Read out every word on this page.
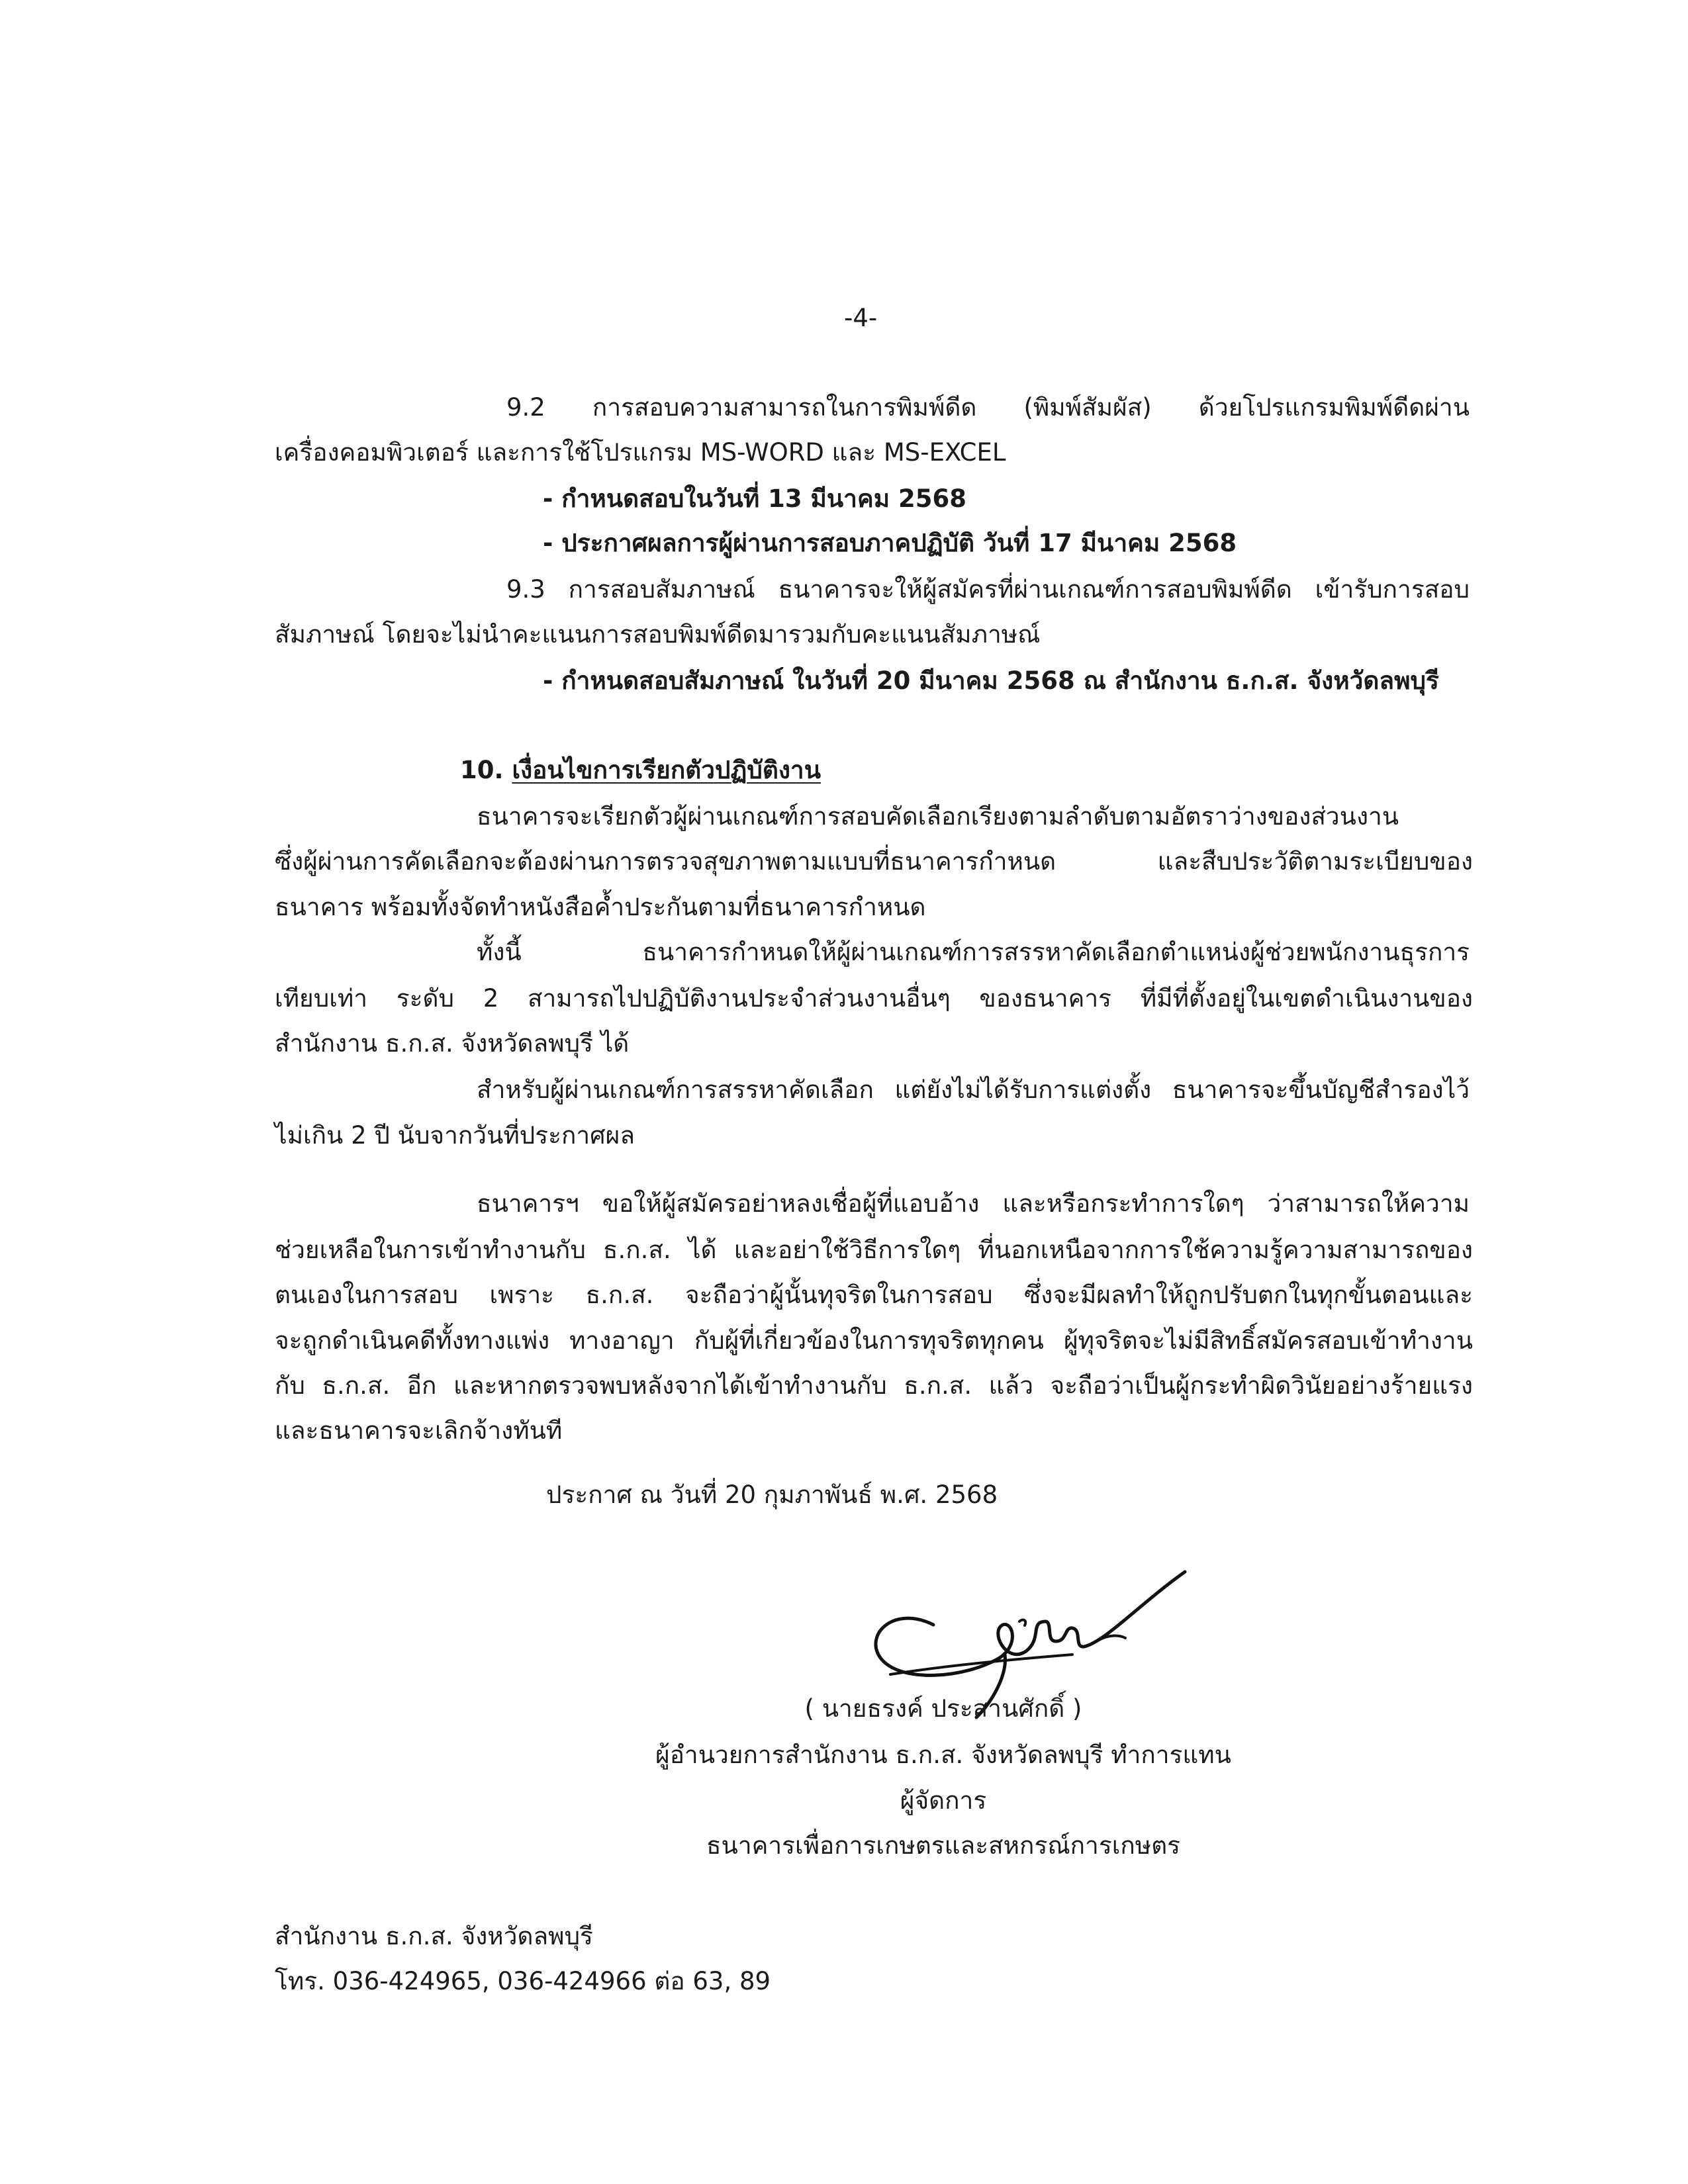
-4-
9.2 การสอบความสามารถในการพิมพ์ดีด (พิมพ์สัมผัส) ด้วยโปรแกรมพิมพ์ดีดผ่าน
เครื่องคอมพิวเตอร์ และการใช้โปรแกรม MS-WORD และ MS-EXCEL
- กำหนดสอบในวันที่ 13 มีนาคม 2568
- ประกาศผลการผู้ผ่านการสอบภาคปฏิบัติ วันที่ 17 มีนาคม 2568
9.3 การสอบสัมภาษณ์ ธนาคารจะให้ผู้สมัครที่ผ่านเกณฑ์การสอบพิมพ์ดีด เข้ารับการสอบ
สัมภาษณ์ โดยจะไม่นำคะแนนการสอบพิมพ์ดีดมารวมกับคะแนนสัมภาษณ์
- กำหนดสอบสัมภาษณ์ ในวันที่ 20 มีนาคม 2568 ณ สำนักงาน ธ.ก.ส. จังหวัดลพบุรี
10. เงื่อนไขการเรียกตัวปฏิบัติงาน
ธนาคารจะเรียกตัวผู้ผ่านเกณฑ์การสอบคัดเลือกเรียงตามลำดับตามอัตราว่างของส่วนงาน
ซึ่งผู้ผ่านการคัดเลือกจะต้องผ่านการตรวจสุขภาพตามแบบที่ธนาคารกำหนด และสืบประวัติตามระเบียบของ
ธนาคาร พร้อมทั้งจัดทำหนังสือค้ำประกันตามที่ธนาคารกำหนด
ทั้งนี้ ธนาคารกำหนดให้ผู้ผ่านเกณฑ์การสรรหาคัดเลือกตำแหน่งผู้ช่วยพนักงานธุรการ
เทียบเท่า ระดับ 2 สามารถไปปฏิบัติงานประจำส่วนงานอื่นๆ ของธนาคาร ที่มีที่ตั้งอยู่ในเขตดำเนินงานของ
สำนักงาน ธ.ก.ส. จังหวัดลพบุรี ได้
สำหรับผู้ผ่านเกณฑ์การสรรหาคัดเลือก แต่ยังไม่ได้รับการแต่งตั้ง ธนาคารจะขึ้นบัญชีสำรองไว้
ไม่เกิน 2 ปี นับจากวันที่ประกาศผล
ธนาคารฯ ขอให้ผู้สมัครอย่าหลงเชื่อผู้ที่แอบอ้าง และหรือกระทำการใดๆ ว่าสามารถให้ความ
ช่วยเหลือในการเข้าทำงานกับ ธ.ก.ส. ได้ และอย่าใช้วิธีการใดๆ ที่นอกเหนือจากการใช้ความรู้ความสามารถของ
ตนเองในการสอบ เพราะ ธ.ก.ส. จะถือว่าผู้นั้นทุจริตในการสอบ ซึ่งจะมีผลทำให้ถูกปรับตกในทุกขั้นตอนและ
จะถูกดำเนินคดีทั้งทางแพ่ง ทางอาญา กับผู้ที่เกี่ยวข้องในการทุจริตทุกคน ผู้ทุจริตจะไม่มีสิทธิ์สมัครสอบเข้าทำงาน
กับ ธ.ก.ส. อีก และหากตรวจพบหลังจากได้เข้าทำงานกับ ธ.ก.ส. แล้ว จะถือว่าเป็นผู้กระทำผิดวินัยอย่างร้ายแรง
และธนาคารจะเลิกจ้างทันที
ประกาศ ณ วันที่ 20 กุมภาพันธ์ พ.ศ. 2568
( นายธรงค์ ประสานศักดิ์ )
ผู้อำนวยการสำนักงาน ธ.ก.ส. จังหวัดลพบุรี ทำการแทน
ผู้จัดการ
ธนาคารเพื่อการเกษตรและสหกรณ์การเกษตร
สำนักงาน ธ.ก.ส. จังหวัดลพบุรี
โทร. 036-424965, 036-424966 ต่อ 63, 89
